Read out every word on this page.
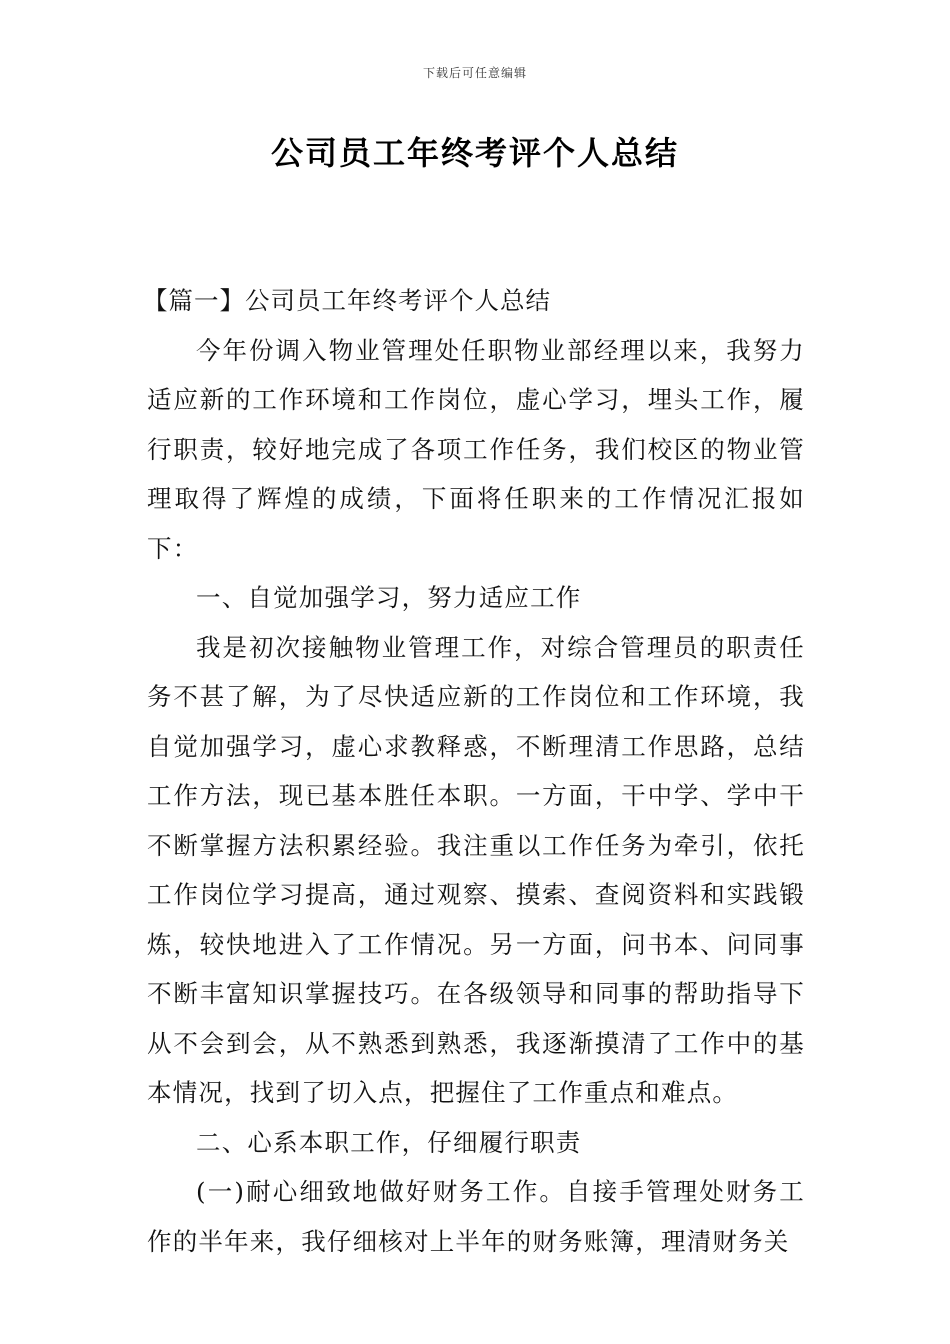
下载后可任意编辑
公司员工年终考评个人总结

【篇一】公司员工年终考评个人总结

今年份调入物业管理处任职物业部经理以来，我努力适应新的工作环境和工作岗位，虚心学习，埋头工作，履行职责，较好地完成了各项工作任务，我们校区的物业管理取得了辉煌的成绩，下面将任职来的工作情况汇报如下：

一、自觉加强学习，努力适应工作

我是初次接触物业管理工作，对综合管理员的职责任务不甚了解，为了尽快适应新的工作岗位和工作环境，我自觉加强学习，虚心求教释惑，不断理清工作思路，总结工作方法，现已基本胜任本职。一方面，干中学、学中干不断掌握方法积累经验。我注重以工作任务为牵引，依托工作岗位学习提高，通过观察、摸索、查阅资料和实践锻炼，较快地进入了工作情况。另一方面，问书本、问同事不断丰富知识掌握技巧。在各级领导和同事的帮助指导下从不会到会，从不熟悉到熟悉，我逐渐摸清了工作中的基本情况，找到了切入点，把握住了工作重点和难点。

二、心系本职工作，仔细履行职责

(一)耐心细致地做好财务工作。自接手管理处财务工作的半年来，我仔细核对上半年的财务账簿，理清财务关
